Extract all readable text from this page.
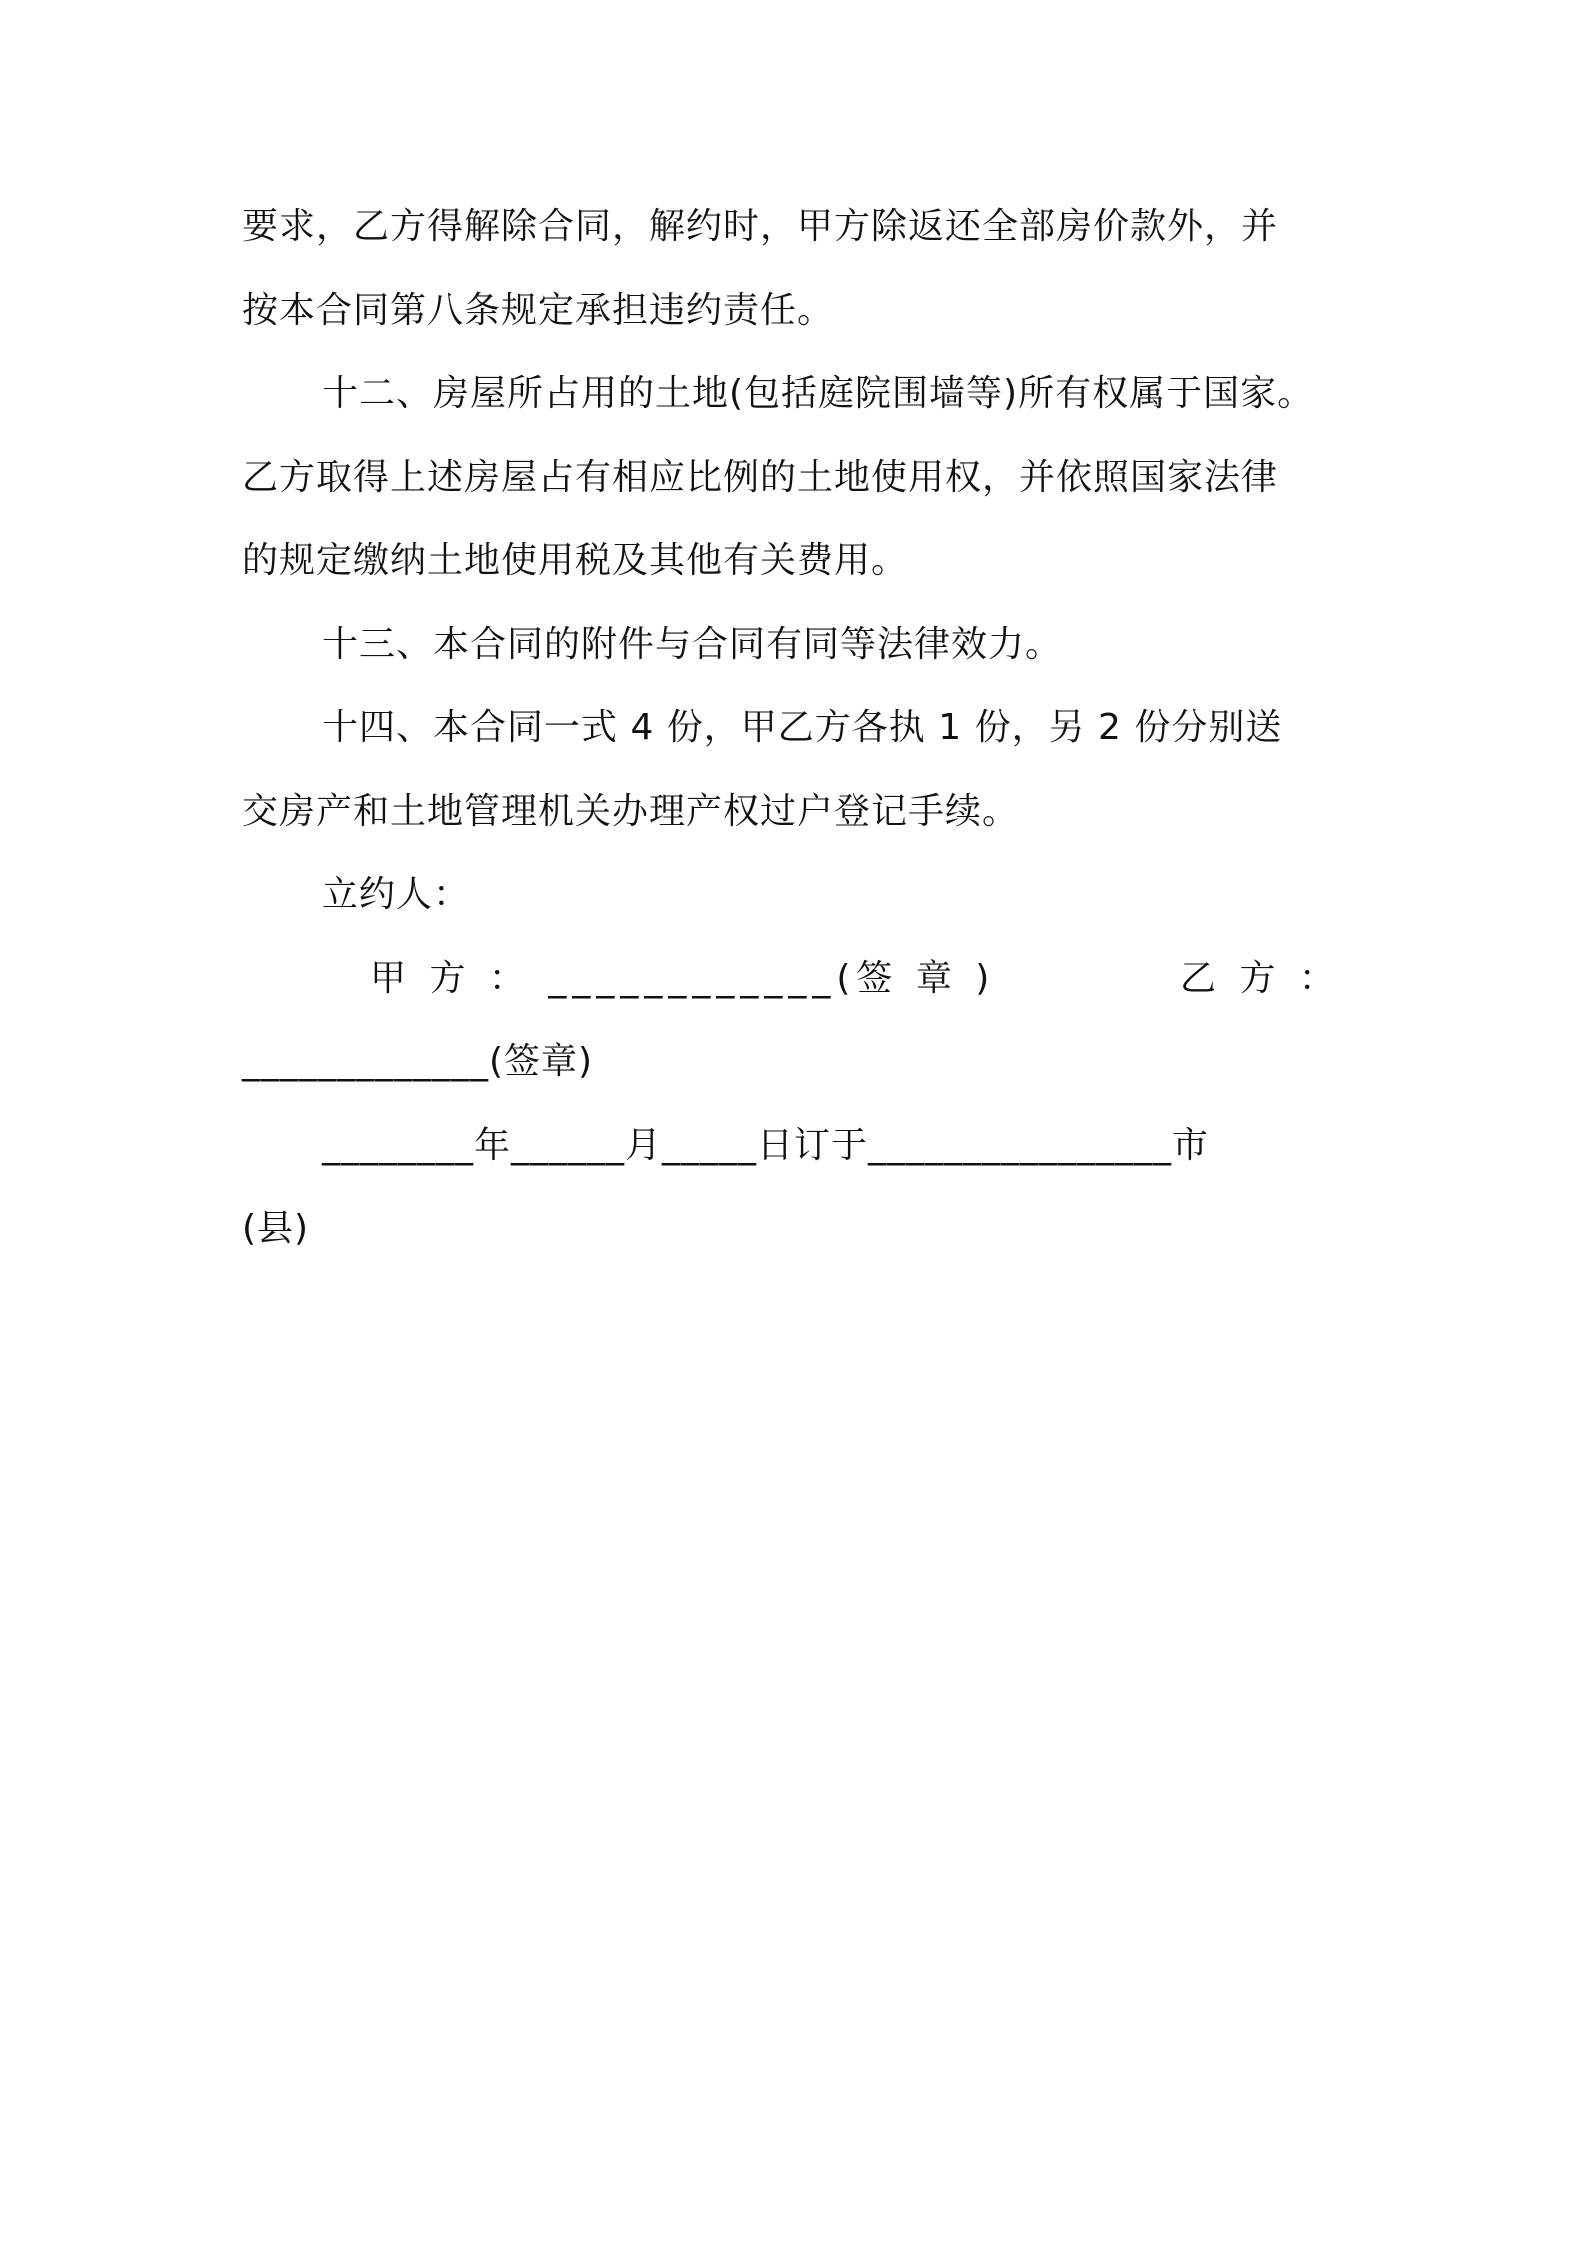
要求，乙方得解除合同，解约时，甲方除返还全部房价款外，并
按本合同第八条规定承担违约责任。
十二、房屋所占用的土地(包括庭院围墙等)所有权属于国家。
乙方取得上述房屋占有相应比例的土地使用权，并依照国家法律
的规定缴纳土地使用税及其他有关费用。
十三、本合同的附件与合同有同等法律效力。
十四、本合同一式 4 份，甲乙方各执 1 份，另 2 份分别送
交房产和土地管理机关办理产权过户登记手续。
立约人：
甲 方 ： ____________(签 章 )	乙 方 ：
_____________(签章)
________年______月_____日订于________________市
(县)
